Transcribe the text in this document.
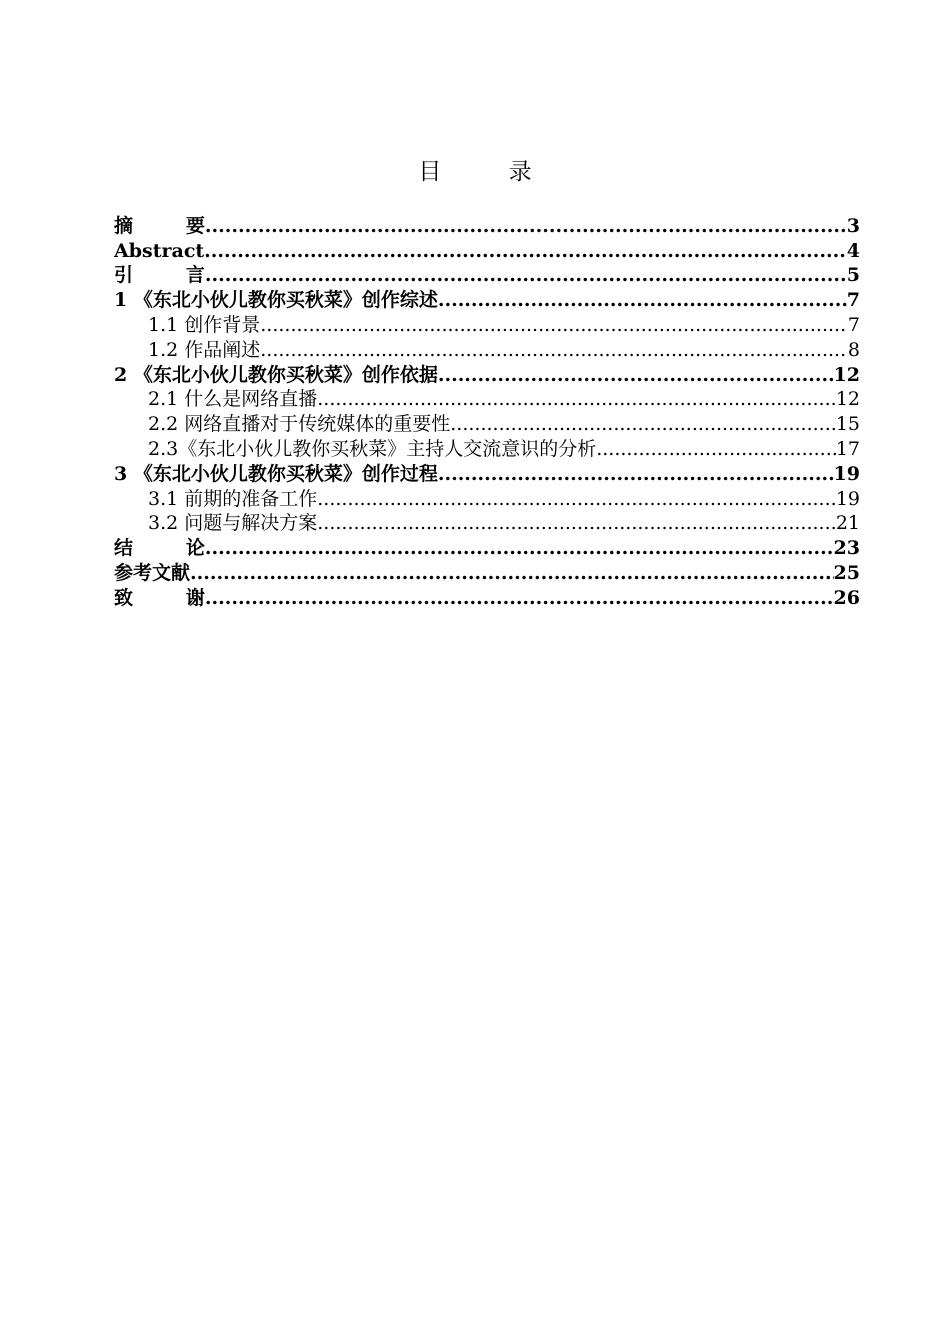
目 录
摘        要 .....	3
Abstract .....	4
引        言 .....	5
1 《东北小伙儿教你买秋菜》创作综述 .....	7
1.1 创作背景 .....	7
1.2 作品阐述 .....	8
2 《东北小伙儿教你买秋菜》创作依据 .....	12
2.1 什么是网络直播 .....	12
2.2 网络直播对于传统媒体的重要性 .....	15
2.3《东北小伙儿教你买秋菜》主持人交流意识的分析 .....	17
3 《东北小伙儿教你买秋菜》创作过程 .....	19
3.1 前期的准备工作 .....	19
3.2 问题与解决方案 .....	21
结        论 .....	23
参考文献 .....	25
致        谢 .....	26
